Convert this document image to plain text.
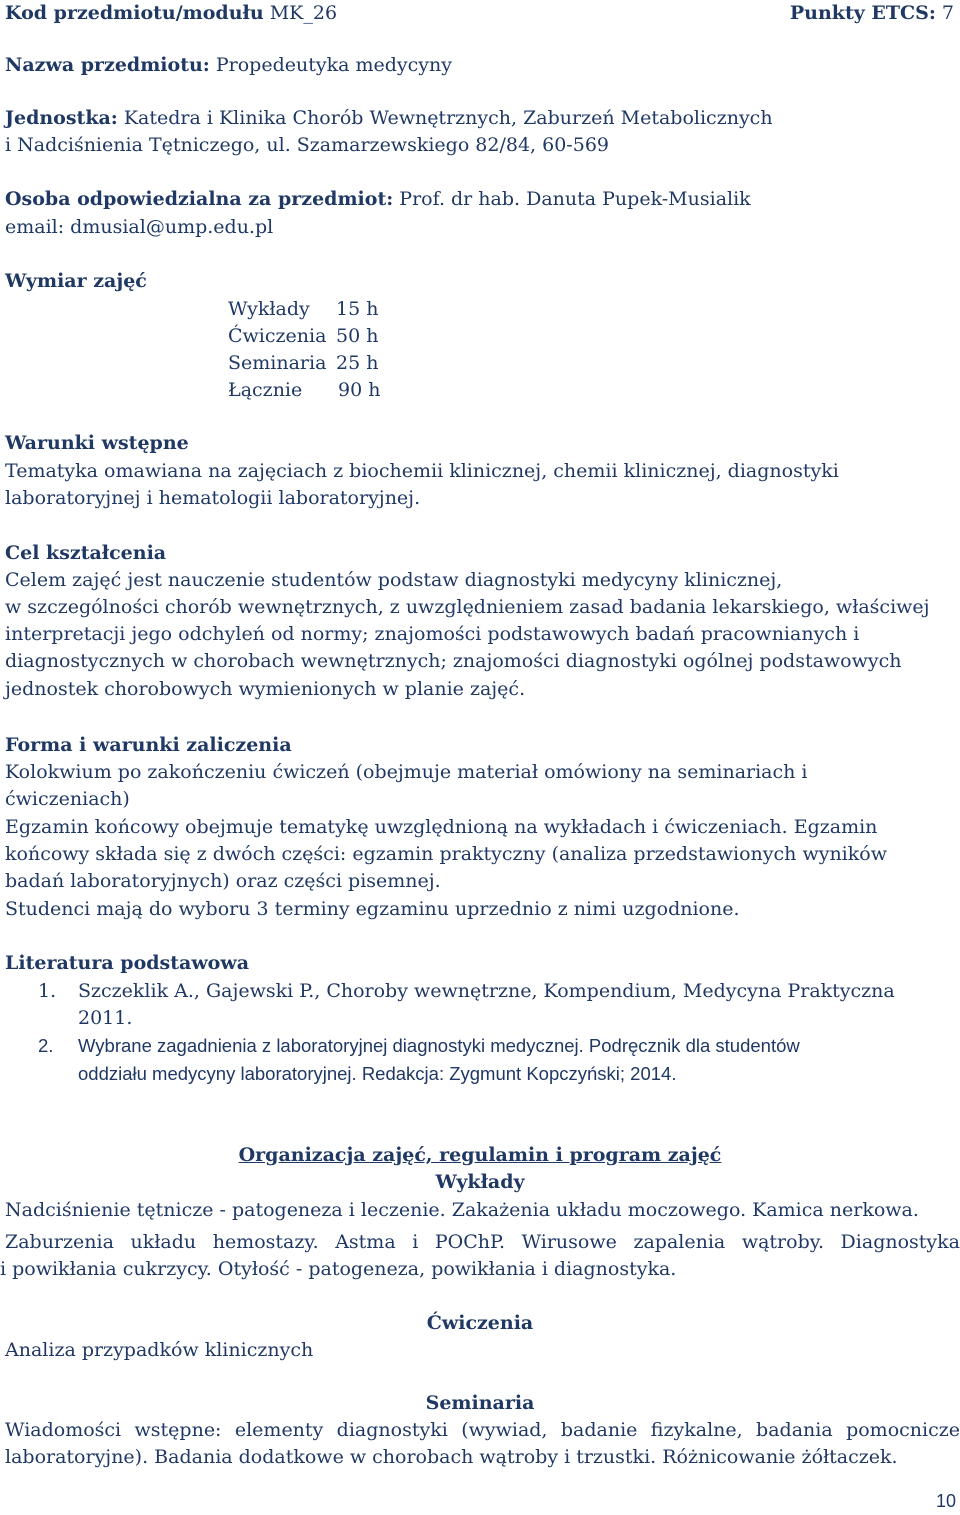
Kod przedmiotu/modułu MK_26	Punkty ETCS: 7
Nazwa przedmiotu: Propedeutyka medycyny
Jednostka: Katedra i Klinika Chorób Wewnętrznych, Zaburzeń Metabolicznych
i Nadciśnienia Tętniczego, ul. Szamarzewskiego 82/84, 60-569
Osoba odpowiedzialna za przedmiot: Prof. dr hab. Danuta Pupek-Musialik
email: dmusial@ump.edu.pl
Wymiar zajęć
Wykłady 15 h
Ćwiczenia 50 h
Seminaria 25 h
Łącznie 90 h
Warunki wstępne
Tematyka omawiana na zajęciach z biochemii klinicznej, chemii klinicznej, diagnostyki
laboratoryjnej i hematologii laboratoryjnej.
Cel kształcenia
Celem zajęć jest nauczenie studentów podstaw diagnostyki medycyny klinicznej,
w szczególności chorób wewnętrznych, z uwzględnieniem zasad badania lekarskiego, właściwej
interpretacji jego odchyleń od normy; znajomości podstawowych badań pracownianych i
diagnostycznych w chorobach wewnętrznych; znajomości diagnostyki ogólnej podstawowych
jednostek chorobowych wymienionych w planie zajęć.
Forma i warunki zaliczenia
Kolokwium po zakończeniu ćwiczeń (obejmuje materiał omówiony na seminariach i
ćwiczeniach)
Egzamin końcowy obejmuje tematykę uwzględnioną na wykładach i ćwiczeniach. Egzamin
końcowy składa się z dwóch części: egzamin praktyczny (analiza przedstawionych wyników
badań laboratoryjnych) oraz części pisemnej.
Studenci mają do wyboru 3 terminy egzaminu uprzednio z nimi uzgodnione.
Literatura podstawowa
1. Szczeklik A., Gajewski P., Choroby wewnętrzne, Kompendium, Medycyna Praktyczna
2011.
2. Wybrane zagadnienia z laboratoryjnej diagnostyki medycznej. Podręcznik dla studentów
oddziału medycyny laboratoryjnej. Redakcja: Zygmunt Kopczyński; 2014.
Organizacja zajęć, regulamin i program zajęć
Wykłady
Nadciśnienie tętnicze - patogeneza i leczenie. Zakażenia układu moczowego. Kamica nerkowa.
Zaburzenia układu hemostazy. Astma i POChP. Wirusowe zapalenia wątroby. Diagnostyka
i powikłania cukrzycy. Otyłość - patogeneza, powikłania i diagnostyka.
Ćwiczenia
Analiza przypadków klinicznych
Seminaria
Wiadomości wstępne: elementy diagnostyki (wywiad, badanie fizykalne, badania pomocnicze
laboratoryjne). Badania dodatkowe w chorobach wątroby i trzustki. Różnicowanie żółtaczek.
10
